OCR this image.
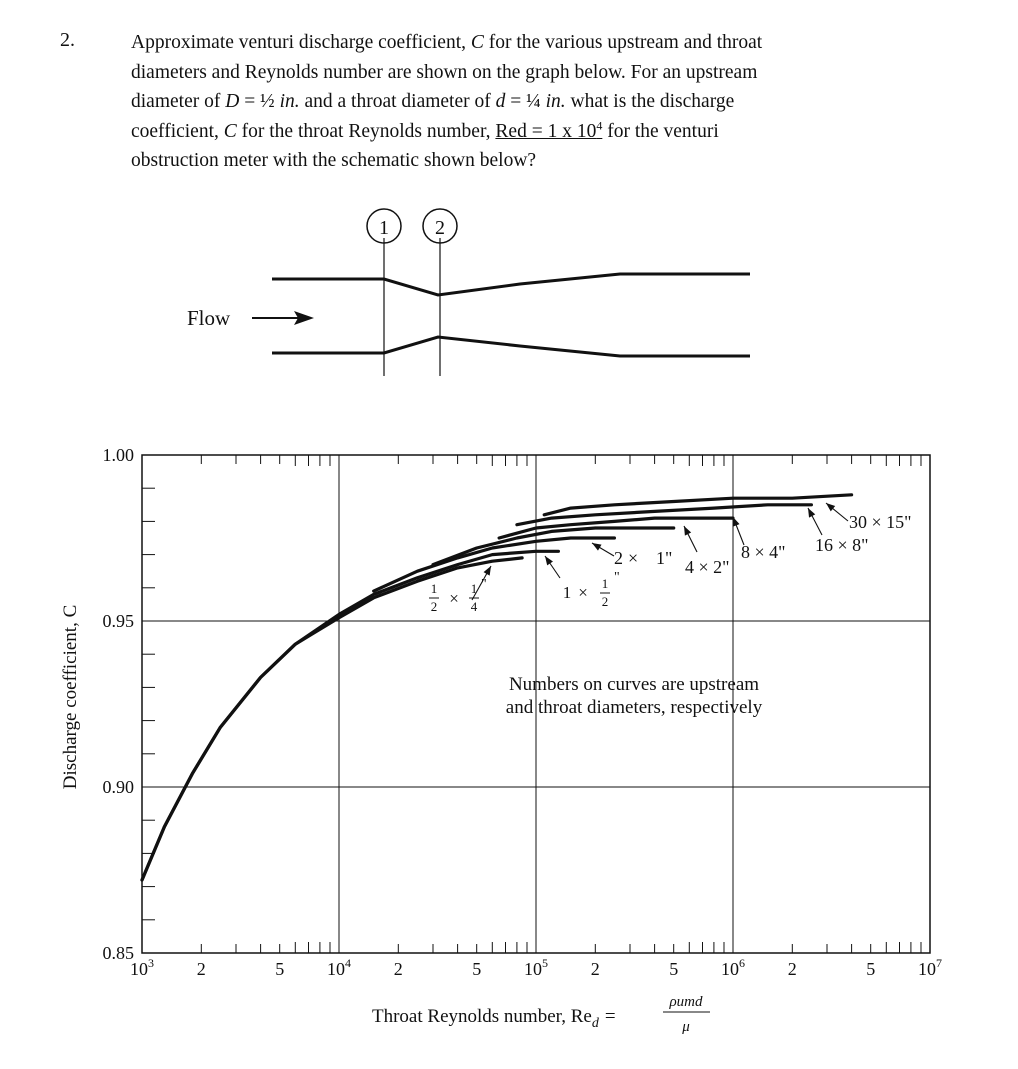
2.	Approximate venturi discharge coefficient, C for the various upstream and throat

diameters and Reynolds number are shown on the graph below. For an upstream

diameter of D = ½ in. and a throat diameter of d = ¼ in. what is the discharge

coefficient, C for the throat Reynolds number, Red = 1 x $10^4$ for the venturi

obstruction meter with the schematic shown below?

1 2
Flow
0.85
0.90
0.95
1.00
$10^3$ 2	5 $10^4$ 2	5 $10^5$ 2	5 $10^6$ 2	5 $10^7$
1
2 ×
1
4
"	1 × 1
2
"
2 × 1" 4 × 2"
8 × 4" 16 × 8"
30 × 15"
Numbers on curves are upstream
and throat diameters, respectively
Discharge coefficient, C
Throat Reynolds number, $Re_d$ =
ρumd
μ
